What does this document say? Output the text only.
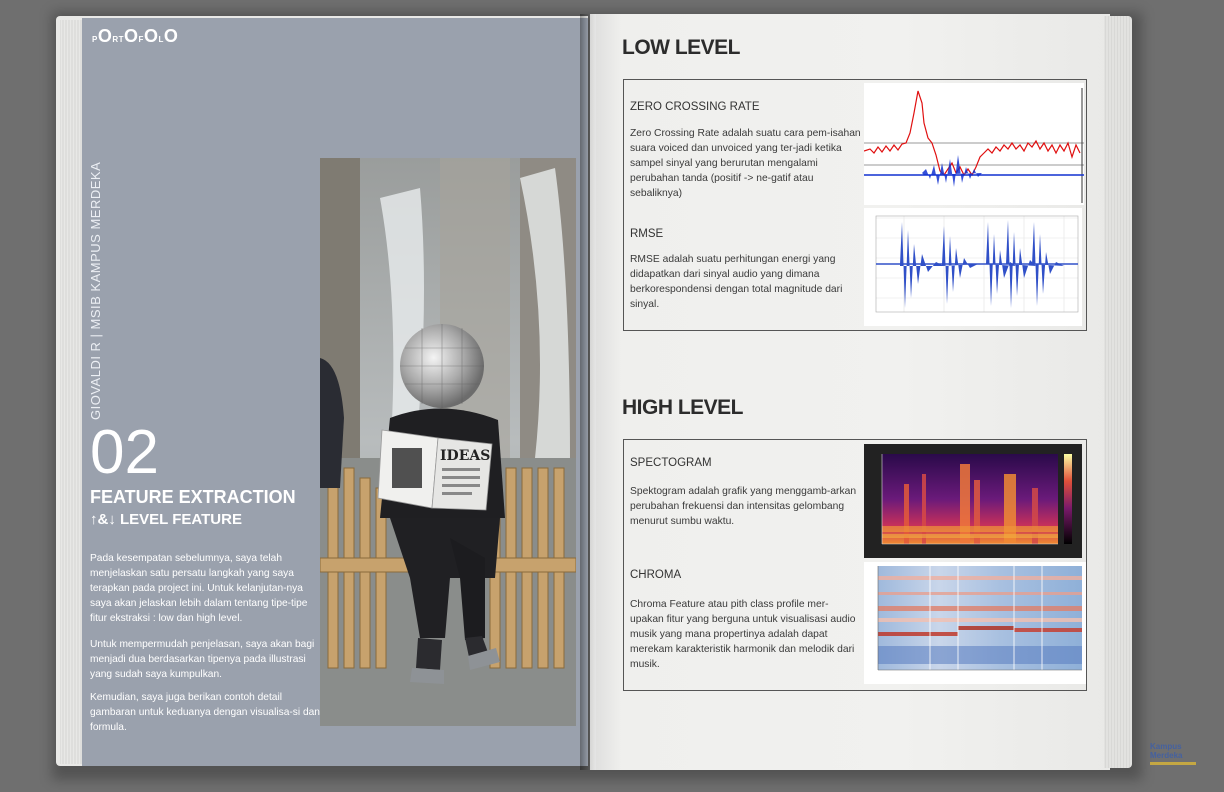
PORTOFOLO
GIOVALDI R | MSIB KAMPUS MERDEKA
IDEAS
02
FEATURE EXTRACTION
↑&↓ LEVEL FEATURE

Pada kesempatan sebelumnya, saya telah menjelaskan satu persatu langkah yang saya terapkan pada project ini. Untuk kelanjutan-nya saya akan jelaskan lebih dalam tentang tipe-tipe fitur ekstraksi : low dan high level.

Untuk mempermudah penjelasan, saya akan bagi menjadi dua berdasarkan tipenya pada illustrasi yang sudah saya kumpulkan.

Kemudian, saya juga berikan contoh detail gambaran untuk keduanya dengan visualisa-si dan formula.

LOW LEVEL
ZERO CROSSING RATE

Zero Crossing Rate adalah suatu cara pem-isahan suara voiced dan unvoiced yang ter-jadi ketika sampel sinyal yang berurutan mengalami perubahan tanda (positif -> ne-gatif atau sebaliknya)

RMSE

RMSE adalah suatu perhitungan energi yang didapatkan dari sinyal audio yang dimana berkorespondensi dengan total magnitude dari sinyal.

HIGH LEVEL
SPECTOGRAM

Spektogram adalah grafik yang menggamb-arkan perubahan frekuensi dan intensitas gelombang menurut sumbu waktu.

CHROMA

Chroma Feature atau pith class profile mer-upakan fitur yang berguna untuk visualisasi audio musik yang mana propertinya adalah dapat merekam karakteristik harmonik dan melodik dari musik.

Kampus
Merdeka
